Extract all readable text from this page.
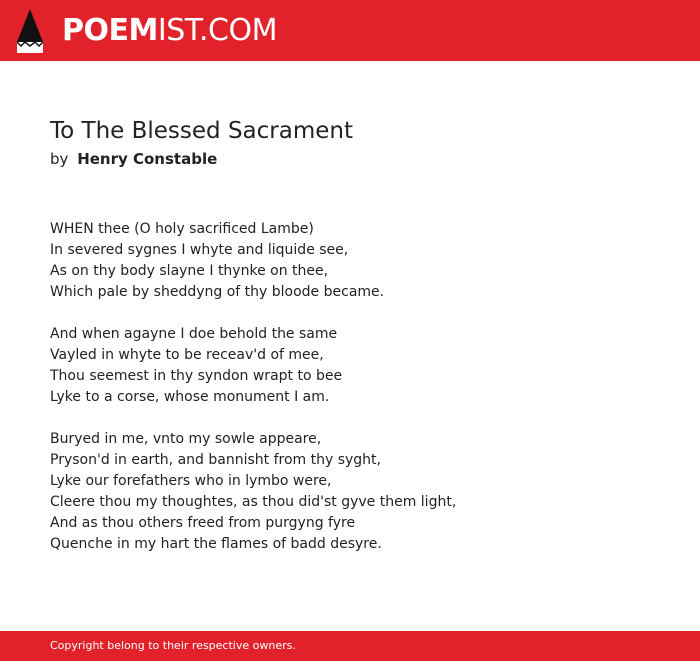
POEMIST.COM
To The Blessed Sacrament
by Henry Constable
WHEN thee (O holy sacrificed Lambe)
In severed sygnes I whyte and liquide see,
As on thy body slayne I thynke on thee,
Which pale by sheddyng of thy bloode became.
And when agayne I doe behold the same
Vayled in whyte to be receav'd of mee,
Thou seemest in thy syndon wrapt to bee
Lyke to a corse, whose monument I am.
Buryed in me, vnto my sowle appeare,
Pryson'd in earth, and bannisht from thy syght,
Lyke our forefathers who in lymbo were,
Cleere thou my thoughtes, as thou did'st gyve them light,
And as thou others freed from purgyng fyre
Quenche in my hart the flames of badd desyre.
Copyright belong to their respective owners.
